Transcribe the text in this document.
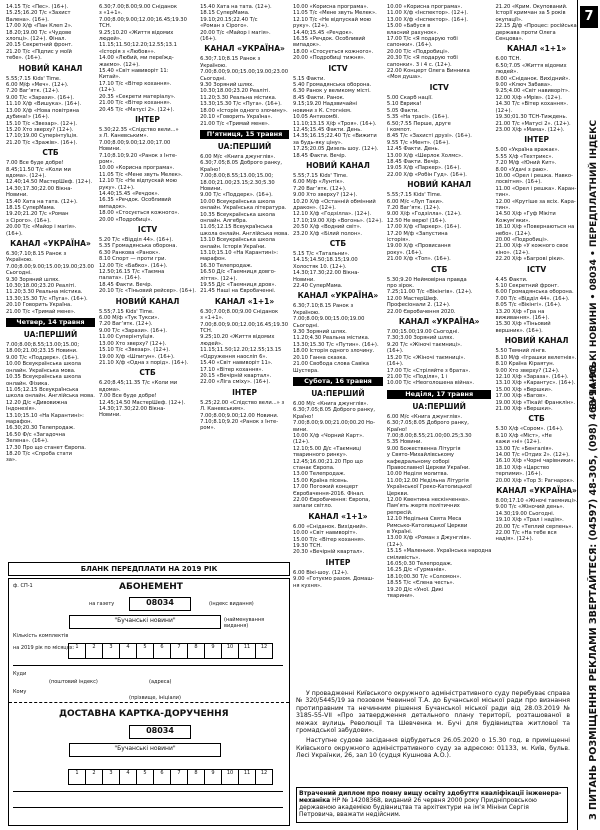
7
БУЧАНСЬКІ НОВИНИ • 08034 • ПЕРЕДПЛАТНИЙ ІНДЕКС
З ПИТАНЬ РОЗМІЩЕННЯ РЕКЛАМИ ЗВЕРТАЙТЕСЯ: (04597) 48-305, (098) 468-14-96.
14.15 Т/с «Пес». (16+).
15.25;16.20 Т/с «Захист
Валена». (16+).
17.00 Х/ф «Пан Клеп 2».
18.20;19.00 Т/с «Чудове
хлопці». (12+). Фінал.
20.15 Секретний фронт.
21.20 Т/с «Підпис у моїй
тебе». (16+).
НОВИЙ КАНАЛ
5.55;7.15 Kids' Time.
6.00 М/ф «Меч». (12+).
7.20 Ваг’ятк. (12+).
9.00 Т/с «Зарази». (16+).
11.10 Х/ф «Вишука». (16+).
13.00 Х/ф «Нова повітряна
дубина!» (16+).
15.10 Т/с «Звезар». (12+).
15.20 Хто зверху? (12+).
17.10;19.00 Суперінтуїція.
21.20 Т/с «Зражів». (16+).
СТБ
7.00 Все буде добре!
8.45;11.50 Т/с «Коли ми
вдома». (12+).
12.40;14.50 МастерШеф. (12+).
14.30;17.30;22.00 Вікна-
Новини.
15.40 Хата на тата. (12+).
18.15 СуперМама.
19.20;21.20 Т/с «Роман
з Сірого». (16+).
20.00 Т/с «Майор і магія».
(16+).
КАНАЛ «УКРАЇНА»
6.30;7.10;8.15 Ранок з
Україною.
7.00;8.00;9.00;15.00;19.00;23.00
Сьогодні.
9.30 Зоряний шлях.
10.30;18.00;23.20 Реаліті.
11.20;3.30 Реальна містика.
13.30;15.30 Т/с «Пуга». (16+).
20.10 Говорить Україна.
21.00 Т/с «Тримай мене».
Четвер, 14 травня
UA:ПЕРШИЙ
7.00;8.00;8.55;13.00;15.00;
18.00;21.00;23.15 Новини.
9.00 Т/с «Поддерк». (16+).
10.00 Всеукраїнська школа
онлайн. Українська мова.
10.35 Всеукраїнська школа
онлайн. Фізика.
11.05;12.15 Всеукраїнська
школа онлайн. Англійська мова.
12.20 Д/с «Дивовижна
Індонезія».
13.10;15.10 «На Карантині»:
марафон.
16.30;20.30 Телепродаж.
16.50 Ф/с «Загадочна
Зелена». (16+).
17.30 Про що станет Європа.
18.20 Т/с «Спроба стати
за».
6.30;7.00;8.00;9.00 Снiданок
з «1+1».
7.00;8.00;9.00;12.00;16.45;19.30
ТСН.
9.25;10.20 «Життя відомих
людей».
11.15;11.50;12.20;12.55;13.1
«Історія з «Любов»».
14.00 «Любий, ми переїжд-
жаємо». (12+).
15.40 «Світ навиворіт 11:
Китай».
17.10 Т/с «Вітер кохання».
(12+).
20.35 «Секрети матеріалу».
21.00 Т/с «Вітер кохання».
20.45 Т/с «Матусі 2». (12+).
ІНТЕР
5.30;22.35 «Слідство вели...»
з Л. Каневським».
7.00;8.00;9.00;12.00;17.00
Новини.
7.10;8.10;9.20 «Ранок з Інте-
ром».
10.00 «Корисна програма».
11.05 Т/с «Мене звуть Мелек».
12.10 Т/с «Не відпускай мою
руку». (12+).
14.40;15.45 «Речдок».
16.35 «Речдок. Особливий
випадок».
18.00 «Стосується кожного».
20.00 «Подробиці».
ICTV
5.20 Т/с «Відділ 44». (16+).
5.35 Громадянська оборона.
6.30 Ранкова «Ранок».
8.10 Спорт — проти гри.
12.00 Т/с «Бабко». (16+).
12.50;16.15 Т/с «Таємна
палата». (16+).
18.45 Факти. Вечір.
20.10 Т/с «Тіньовий рейсер». (16+).
НОВИЙ КАНАЛ
5.55;7.15 Kids' Time.
6.00 М/ф «Тук Тукси».
7.20 Ваг’ятк. (12+).
9.00 Т/с «Зарази». (16+).
11.00 Суперінтуїція.
13.00 Хто зверху? (12+).
15.10 Т/с «Звезар». (12+).
19.00 Х/ф «Шпигун». (16+).
21.10 Х/ф «Одна з порід». (16+).
СТБ
6.20;8.45;11.35 Т/с «Коли ми
вдома».
7.00 Все буде добре!
12.45;14.50 МастерШеф. (12+).
14.30;17.30;22.00 Вікна-
Новини.
15.40 Хата на тата. (12+).
18.15 СуперМама.
19.10;20.15;22.40 Т/с
«Роман з Сірого».
20.00 Т/с «Майор і магія».
(16+).
КАНАЛ «УКРАЇНА»
6.30;7.10;8.15 Ранок з
Україною.
7.00;8.00;9.00;15.00;19.00;23.00
Сьогодні.
9.30 Зоряний шлях.
10.30;18.00;23.20 Реаліті.
11.20;3.30 Реальна містика.
13.30;15.30 Т/с «Пуга». (16+).
18.00 «Історія одного злочину».
20.10 «Говорить Україна».
21.00 Т/с «Тримай мене».
П’ятниця, 15 травня
UA:ПЕРШИЙ
6.00 М/с «Книга джунглів».
6.30;7.05;8.05 Доброго ранку,
Країно!
7.00;8.00;8.55;13.00;15.00;
18.00;21.00;23.15;2.30;5.30
Новини.
9.00 Т/с «Поддерк». (16+).
10.00 Всеукраїнська школа
онлайн. Українська література.
10.35 Всеукраїнська школа
онлайн. Алгебра.
11.05;12.15 Всеукраїнська
школа онлайн. Англійська мова.
13.10 Всеукраїнська школа
онлайн. Історія України.
13.10;15.10 «На Карантині»:
марафон.
16.30 Телепродаж.
16.50 Д/с «Таємниця довго-
ліття». (12+).
19.55 Д/с «Таємниця дров».
21.45 Наші на Євробаченні.
КАНАЛ «1+1»
6.30;7.00;8.00;9.00 Снiданок
з «1+1».
7.00;8.00;9.00;12.00;16.45;19.30
ТСН.
9.25;10.20 «Життя відомих
людей».
11.15;11.50;12.20;12.55;13.15
«Одруження наосліп 6».
15.40 «Світ навиворіт 11».
17.10 «Вітер кохання».
20.15 «Вечірній квартал».
22.00 «Ліга сміху». (16+).
ІНТЕР
5.25;22.00 «Слідство вели...» з
Л. Каневським».
7.00;8.00;9.00;12.00 Новини.
7.10;8.10;9.20 «Ранок з Інте-
ром».
10.00 «Корисна програма».
11.05 Т/с «Мене звуть Мелек».
12.10 Т/с «Не відпускай мою
руку». (12+).
14.40;15.45 «Речдок».
16.35 «Речдок. Особливий
випадок».
18.00 «Стосується кожного».
20.00 «Подробиці тижня».
ICTV
5.15 Факти.
5.40 Громадянська оборона.
6.30 Ранок у великому місті.
8.45 Факти. Ранок.
9.15;19.20 Надзвичайні
новини з К. Стогнієм.
10.05 Антизомбі.
11.10;13.15 Х/ф «Троя». (16+).
12.45;15.45 Факти. День.
14.35;16.15;22.40 Т/с «Вижити
за будь-яку ціну».
17.25;20.05 Дизель шоу. (12+).
18.45 Факти. Вечір.
НОВИЙ КАНАЛ
5.55;7.15 Kids' Time.
6.00 М/ф «Лунтік».
7.20 Ваг’ятк. (12+).
9.00 Хто зверху? (12+).
10.20 Х/ф «Останній обмінний
дракон». (12+).
12.10 Х/ф «Годзілла». (12+).
17.10;19.00 Х/ф «Вогонь». (12+).
20.50 Х/ф «Водний світ».
23.20 Х/ф «Білий полон».
СТБ
5.15 Т/с «Татальни».
14.15;14.50;18.15;19.00
Холостяк 10. (12+).
14.30;17.30;22.00 Вікна-
Новини.
22.40 СуперМама.
КАНАЛ «УКРАЇНА»
6.30;7.10;8.15 Ранок з
Україною.
7.00;8.00;9.00;15.00;19.00
Сьогодні.
9.30 Зоряний шлях.
11.20;4.30 Реальна містика.
13.30;15.30 Т/с «Путин». (16+).
18.00 Історія одного злочину.
20.10 Ганна сказка.
21.00 Свобода слова Савіка
Шустера.
Субота, 16 травня
UA:ПЕРШИЙ
6.00 М/с «Книга джунглів».
6.30;7.05;8.05 Доброго ранку,
Країно!
7.00;8.00;9.00;21.00;00.20 Но-
вини.
10.00 Х/ф «Чорний Карт».
(12+).
12.10;5.00 Д/с «Таємниці
тваринного ринку».
12.45;16.00;21.20 Про що
станає Європа.
13.00 Телепродаж.
15.00 Країна пісень.
17.00 Погожий концерт
Євробачення-2016. Фінал.
22.00 Євробачення: Європа,
запали світло.
КАНАЛ «1+1»
6.00 «Сніданок. Вихідний».
10.00 «Світ навиворіт».
15.00 Т/с «Вітер кохання».
19.30 ТСН.
20.30 «Вечірній квартал».
ІНТЕР
6.00 Вікі-шоу. (12+).
9.00 «Готуємо разом. Домаш-
ня кухня».
10.00 «Корисна програма».
11.00 Х/ф «Інспектор». (12+).
13.00 Х/ф «Інспектор». (16+).
15.00 «Бабуся в
власний рахунок».
17.00 Т/с «Я подарую тобі
сапонки». (16+).
20.00 Т/с «Подробиці».
20.30 Т/с «Я подарую тобі
сапонки». 3 і 4 с. (12+).
22.00 Концерт Олега Винника
«Моя душа».
ICTV
5.00 Скарб нації.
5.10 Еврика!
5.05 Факти.
5.35 «На трасі». (16+).
6.50;7.55 Перше, друге
і компот.
8.45 Т/с «Захисті друзі». (16+).
9.55 Т/с «Мент». (16+).
12.45 Факти. День.
13.00 Х/ф «Шерлок Холмс».
18.45 Факти. Вечір.
19.05 Х/ф «Паркер». (16+).
22.00 Х/ф «Робін Гуд». (16+).
НОВИЙ КАНАЛ
5.55;7.15 Kids' Time.
6.00 М/с «Луп Таки».
7.20 Ваг’ятк. (12+).
9.00 Х/ф «Годзілла». (12+).
12.50 Не верю! (16+).
17.00 Х/ф «Паркер». (16+).
17.20 М/ф «Запустина
історія».
19.00 Х/ф «Провисання
року». (16+).
21.00 Х/ф «Топ». (16+).
СТБ
5.30;9.20 Неймовірна правда
про зірок.
7.25;11.00 Т/с «Вікінгів». (12+).
12.00 МастерШеф.
Професіонали 2. (12+).
22.00 Євробачення 2020.
КАНАЛ «УКРАЇНА»
7.00;15.00;19.00 Сьогодні.
7.30;3.00 Зоряний шлях.
9.20 Т/с «Жіночі таємниці».
(16+).
15.20 Т/с «Жіночі таємниці».
(16+).
17.00 Т/с «Стріляйте з брата».
21.00 Т/с «Поділя», 1 і
10.00 Т/с «Неоголошена війна».
Неділя, 17 травня
UA:ПЕРШИЙ
6.00 М/с «Книга джунглів».
6.30;7.05;8.05 Доброго ранку,
Країно!
7.00;8.00;8.55;21.00;00.25;3.30
5.35 Новини.
9.00 Божественна Літургія
у Свято-Михайлівському
кафедральному соборі
Православної Церкви України.
10.00 Неділя молитва.
11.00;12.00 Недільна Літургія
Української Греко-Католицької
Церкви.
12.00 Квентина нескінченна».
Пам’ять жертв політичних
репресій.
12.10 Недільна Свята Меса
Римсько-Католицької Церкви
в Україні.
13.00 Х/ф «Роман з Джунглів».
(12+).
15.15 «Маленьке. Українська народна
сміливість».
16.05;0.30 Телепродаж.
16.25 Д/с «Гурманів».
18.10;00.30 Т/с «Соломон».
18.55 Т/с «Єлена честь».
19.20 Д/с «Уної. Дикі
тварини».
21.20 «Крим. Окупований.
Історії кримчан за 5 років
окупації».
22.15 Д/ф «Процес: російська
держава проти Олега
Сенцова».
КАНАЛ «1+1»
6.00 ТСН.
6.50;7.05 «Життя відомих
людей».
8.00 «Сніданок. Вихідний».
9.00 «Ключ Забава».
9.25;4.00 «Світ навиворіт».
12.00 Х/ф «Мрів». (12+).
14.30 Т/с «Вітер кохання».
(12+).
19.30;01.30 ТСН-Тиждень.
21.00 Т/с «Матусі 2». (12+).
23.00 Х/ф «Мама». (12+).
ІНТЕР
5.00 «Україна вражає».
5.55 Х/ф «Техтрикс».
7.20 М/ф «Юний Кит».
8.00 «Удачі з раю».
10.00 «Орел і решка. Навко-
лосвітня». (16+).
11.00 «Орел і решка». Каран-
тин».
12.00 «Крутіше за всіх. Кара-
тин».
14.50 Х/ф «Гуф Мікіти
Кожум’яки».
18.10 Х/ф «Повернаються на
небо». (12+).
20.00 «Подробиці».
21.00 Х/ф «У кожного своє
кіно». (12+).
22.20 Х/ф «Багрові ріки».
ICTV
4.45 Факти.
5.10 Секретний фронт.
6.00 Громадянська оборона.
7.00 Т/с «Відділ 44». (16+).
8.05 Т/с «Вікінгі». (16+).
13.20 Х/ф «Гра на
виживання». (16+).
15.30 Х/ф «Тіньовий
вершник». (16+).
НОВИЙ КАНАЛ
5.50 Темний лінгв.
8.10 М/ф «Іграшки велетнів».
8.10 Країна Кіраятун.
9.00 Хто зверху? (12+).
12.10 Х/ф «Зараза». (16+).
13.10 Х/ф «Карантус». (16+).
15.00 Х/ф «Вершки».
17.00 Х/ф «Вагов».
19.00 Х/ф «Тікай! Франклін».
21.00 Х/ф «Вершки».
СТБ
5.30 Х/ф «Сором». (16+).
8.10 Х/ф «Міст», «Не
кажи «ні» (12+).
13.00 Т/с «Бенгалія».
14.00 Т/с «Отдих 2». (12+).
16.10 Х/ф «Чорні чарівники».
18.10 Х/ф «Царство
терпими». (16+).
20.00 Х/ф «Тор 3: Рагнарок».
КАНАЛ «УКРАЇНА»
8.00;17.10 «Жіночі таємниці».
9.00 Т/с «Жіночий день».
14.30;19.00 Сьогодні.
19.10 Х/ф «Трал і надія».
20.00 Т/с «Теплий серпень».
22.00 Т/с «На тебе вся
надія». (12+).
БЛАНК ПЕРЕДПЛАТИ НА 2019 РІК
ф. СП-1	АБОНЕМЕНТ
на газету	08034	(індекс видання)
"Бучанські новини"	(найменування видання)
Кількість комплектів
на 2019 рік по місяцях: 1	2	3	4	5	6	7	8	9	10	11	12
Куди
(поштовий індекс)	(адреса)
Кому
(прізвище, ініціали)
ДОСТАВНА КАРТКА-ДОРУЧЕННЯ
08034
"Бучанські новини"
1	2	3	4	5	6	7	8	9	10	11	12

У провадженні Київського окружного адміністративного суду перебуває справа № 320/5445/19 за позовом Чевинної Т.А. до Бучанської міської ради про визнання протиправним та нечинним рішення Бучанської міської ради від 28.03.2019 № 3185-55-VII «Про затвердження детального плану території, розташованої в межах вулиць Революції та Шевченка м. Бучі для будівництва житлової та громадської забудови».

Наступне судове засідання відбудеться 26.05.2020 о 15.30 год. в приміщенні Київського окружного адміністративного суду за адресою: 01133, м. Київ, бульв. Лесі Українки, 26, зал 10 (судця Кушнова А.О.).

Втрачений диплом про повну вищу освіту здобуття кваліфікації інженера-механіка НР № 14208368, виданий 26 червня 2000 року Придніпровською державною академією будівництва та архітектури на ім’я Мініни Сергія Петровича, вважати недійсним.
